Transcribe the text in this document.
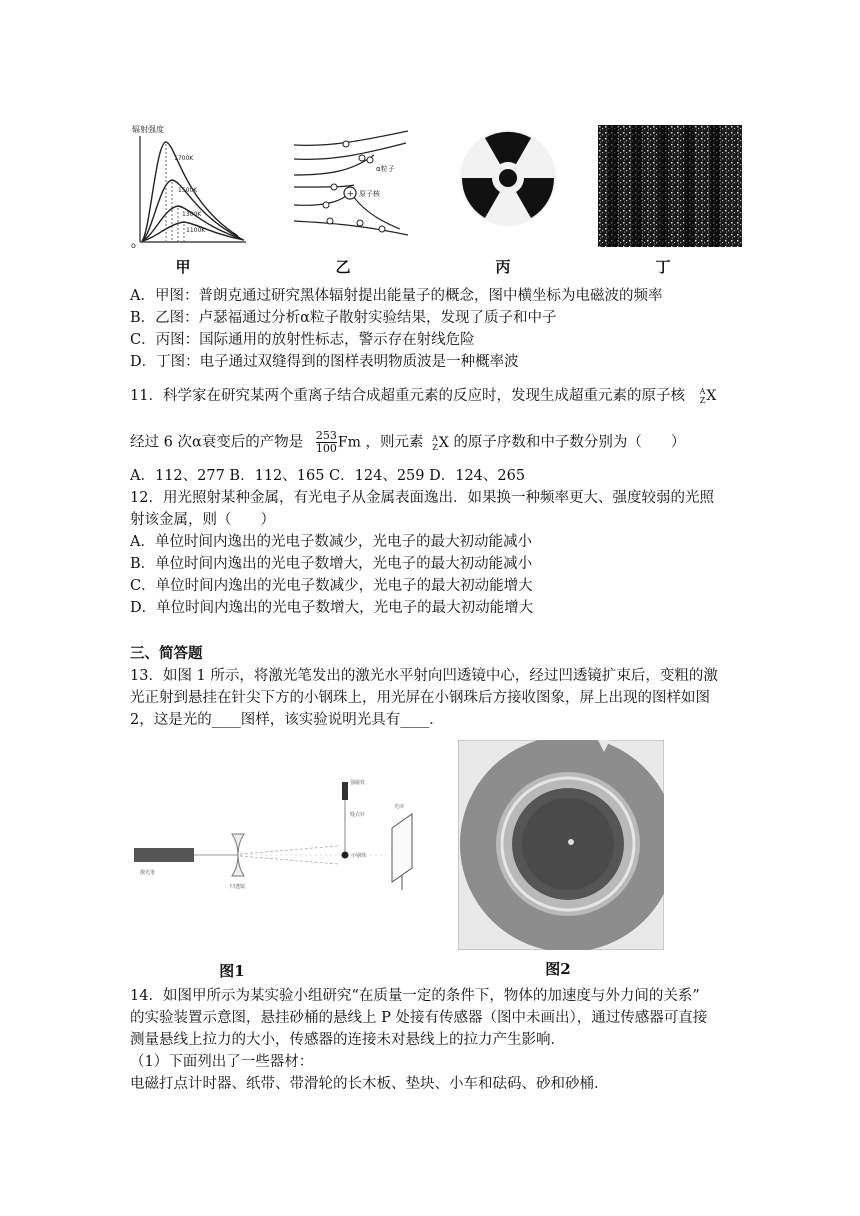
辐射强度
o
1700K
1500K
1300K
1100K
+ 原子核
α粒子
甲	乙	丙	丁
A．甲图：普朗克通过研究黑体辐射提出能量子的概念，图中横坐标为电磁波的频率
B．乙图：卢瑟福通过分析α粒子散射实验结果，发现了质子和中子
C．丙图：国际通用的放射性标志，警示存在射线危险
D．丁图：电子通过双缝得到的图样表明物质波是一种概率波
11．科学家在研究某两个重离子结合成超重元素的反应时，发现生成超重元素的原子核 A
Z X
经过 6 次α衰变后的产物是 $\frac{253}{100}$ Fm ，则元素 A
Z X 的原子序数和中子数分别为（　　）
A．112、277 B．112、165 C．124、259 D．124、265
12．用光照射某种金属，有光电子从金属表面逸出．如果换一种频率更大、强度较弱的光照
射该金属，则（　　）
A．单位时间内逸出的光电子数减少，光电子的最大初动能减小
B．单位时间内逸出的光电子数增大，光电子的最大初动能减小
C．单位时间内逸出的光电子数减少，光电子的最大初动能增大
D．单位时间内逸出的光电子数增大，光电子的最大初动能增大
三、简答题
13．如图 1 所示，将激光笔发出的激光水平射向凹透镜中心，经过凹透镜扩束后，变粗的激
光正射到悬挂在针尖下方的小钢珠上，用光屏在小钢珠后方接收图象，屏上出现的图样如图
2，这是光的____图样，该实验说明光具有____．
激光笔
凹透镜
强磁铁
缝衣针
小钢珠
光屏
图1	图2
14．如图甲所示为某实验小组研究“在质量一定的条件下，物体的加速度与外力间的关系”
的实验装置示意图，悬挂砂桶的悬线上 P 处接有传感器（图中未画出），通过传感器可直接
测量悬线上拉力的大小，传感器的连接未对悬线上的拉力产生影响．
（1）下面列出了一些器材：
电磁打点计时器、纸带、带滑轮的长木板、垫块、小车和砝码、砂和砂桶．
